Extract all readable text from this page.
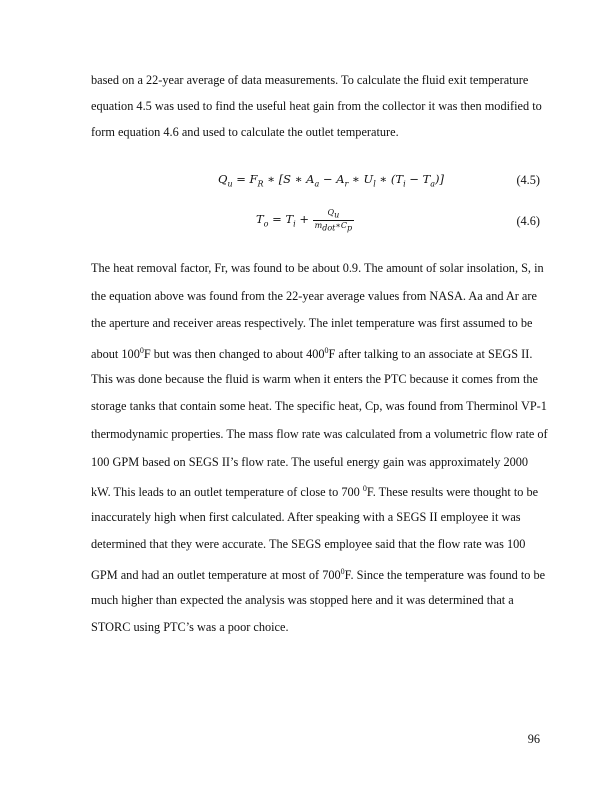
based on a 22-year average of data measurements. To calculate the fluid exit temperature
equation 4.5 was used to find the useful heat gain from the collector it was then modified to
form equation 4.6 and used to calculate the outlet temperature.
$Q_u = F_R$ ∗ [S ∗ $A_a - A_r$ ∗ $U_l$ ∗ $(T_i - T_a)$]	(4.5)
$T_o = T_i + \frac{Q_u}{m_{dot}∗C_p}$	(4.6)
The heat removal factor, Fr, was found to be about 0.9. The amount of solar insolation, S, in
the equation above was found from the 22-year average values from NASA. Aa and Ar are
the aperture and receiver areas respectively. The inlet temperature was first assumed to be
about $100^0F$ but was then changed to about $400^0F$ after talking to an associate at SEGS II.
This was done because the fluid is warm when it enters the PTC because it comes from the
storage tanks that contain some heat. The specific heat, Cp, was found from Therminol VP-1
thermodynamic properties. The mass flow rate was calculated from a volumetric flow rate of
100 GPM based on SEGS II’s flow rate. The useful energy gain was approximately 2000
kW. This leads to an outlet temperature of close to 700 $^0$F. These results were thought to be
inaccurately high when first calculated. After speaking with a SEGS II employee it was
determined that they were accurate. The SEGS employee said that the flow rate was 100
GPM and had an outlet temperature at most of $700^0F$. Since the temperature was found to be
much higher than expected the analysis was stopped here and it was determined that a
STORC using PTC’s was a poor choice.
96
